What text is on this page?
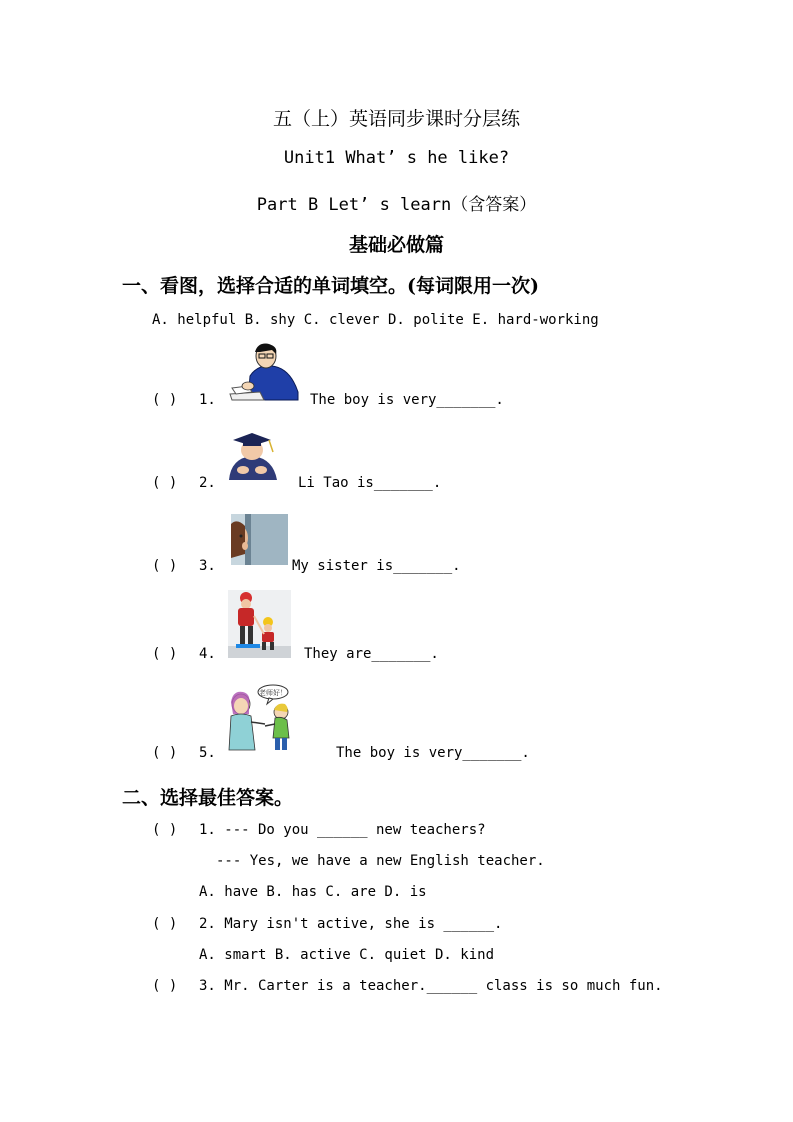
五（上）英语同步课时分层练
Unit1 What’ s he like?
Part B Let’ s learn（含答案）
基础必做篇
一、看图，选择合适的单词填空。(每词限用一次)
A. helpful B. shy C. clever D. polite E. hard-working
( ) 1.	The boy is very_______.
( ) 2.	Li Tao is_______.
( ) 3.	My sister is_______.
( ) 4.	They are_______.
老师好！
( ) 5.	The boy is very_______.
二、选择最佳答案。
( ) 1. --- Do you ______ new teachers?
--- Yes, we have a new English teacher.
A. have B. has C. are D. is
( ) 2. Mary isn't active, she is ______.
A. smart B. active C. quiet D. kind
( ) 3. Mr. Carter is a teacher.______ class is so much fun.
